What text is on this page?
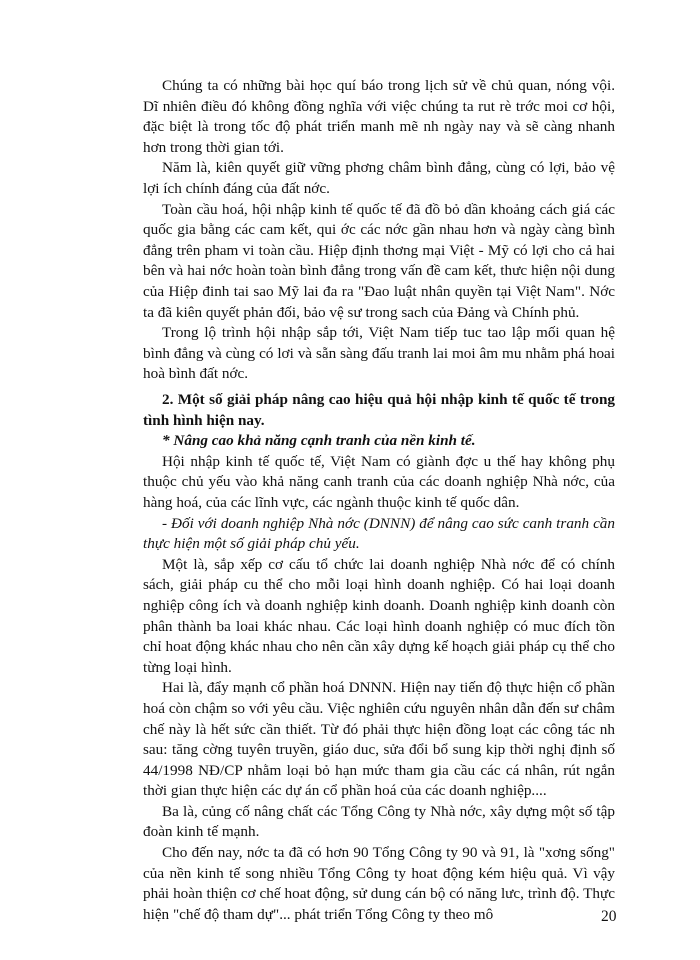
Chúng ta có những bài học quí báo trong lịch sử về chủ quan, nóng vội. Dĩ nhiên điều đó không đồng nghĩa với việc chúng ta rut rè trớc moi cơ hội, đặc biệt là trong tốc độ phát triển manh mẽ nh ngày nay và sẽ càng nhanh hơn trong thời gian tới.

Năm là, kiên quyết giữ vững phơng châm bình đẳng, cùng có lợi, bảo vệ lợi ích chính đáng của đất nớc.

Toàn cầu hoá, hội nhập kinh tế quốc tế đã đồ bỏ dần khoảng cách giá các quốc gia bằng các cam kết, qui ớc các nớc gần nhau hơn và ngày càng bình đẳng trên pham vi toàn cầu. Hiệp định thơng mại Việt - Mỹ có lợi cho cả hai bên và hai nớc hoàn toàn bình đẳng trong vấn đề cam kết, thưc hiện nội dung của Hiệp đinh tai sao Mỹ lai đa ra "Đao luật nhân quyền tại Việt Nam". Nớc ta đã kiên quyết phản đối, bảo vệ sư trong sach của Đảng và Chính phủ.

Trong lộ trình hội nhập sắp tới, Việt Nam tiếp tuc tao lập mối quan hệ bình đẳng và cùng có lơi và sẵn sàng đấu tranh lai moi âm mu nhằm phá hoai hoà bình đất nớc.

2. Một số giải pháp nâng cao hiệu quả hội nhập kinh tế quốc tế trong tình hình hiện nay.

* Nâng cao khả năng cạnh tranh của nền kinh tế.

Hội nhập kinh tế quốc tế, Việt Nam có giành đợc u thế hay không phụ thuộc chủ yếu vào khả năng canh tranh của các doanh nghiệp Nhà nớc, của hàng hoá, của các lĩnh vực, các ngành thuộc kinh tế quốc dân.

- Đối với doanh nghiệp Nhà nớc (DNNN) để nâng cao sức canh tranh cần thực hiện một số giải pháp chủ yếu.

Một là, sắp xếp cơ cấu tổ chức lai doanh nghiệp Nhà nớc để có chính sách, giải pháp cu thể cho mỗi loại hình doanh nghiệp. Có hai loại doanh nghiệp công ích và doanh nghiệp kinh doanh. Doanh nghiệp kinh doanh còn phân thành ba loai khác nhau. Các loại hình doanh nghiệp có muc đích tồn chỉ hoat động khác nhau cho nên cần xây dựng kế hoạch giải pháp cụ thể cho từng loại hình.

Hai là, đẩy mạnh cổ phần hoá DNNN. Hiện nay tiến độ thực hiện cổ phần hoá còn chậm so với yêu cầu. Việc nghiên cứu nguyên nhân dẫn đến sư châm chế này là hết sức cần thiết. Từ đó phải thực hiện đồng loạt các công tác nh sau: tăng cờng tuyên truyền, giáo duc, sửa đổi bổ sung kịp thời nghị định số 44/1998 NĐ/CP nhằm loại bỏ hạn mức tham gia cầu các cá nhân, rút ngắn thời gian thực hiện các dự án cổ phần hoá của các doanh nghiệp....

Ba là, củng cố nâng chất các Tổng Công ty Nhà nớc, xây dựng một số tập đoàn kinh tế mạnh.

Cho đến nay, nớc ta đã có hơn 90 Tổng Công ty 90 và 91, là "xơng sống" của nền kinh tế song nhiều Tổng Công ty hoat động kém hiệu quả. Vì vậy phải hoàn thiện cơ chế hoat động, sử dung cán bộ có năng lưc, trình độ. Thực hiện "chế độ tham dự"... phát triển Tổng Công ty theo mô	20
